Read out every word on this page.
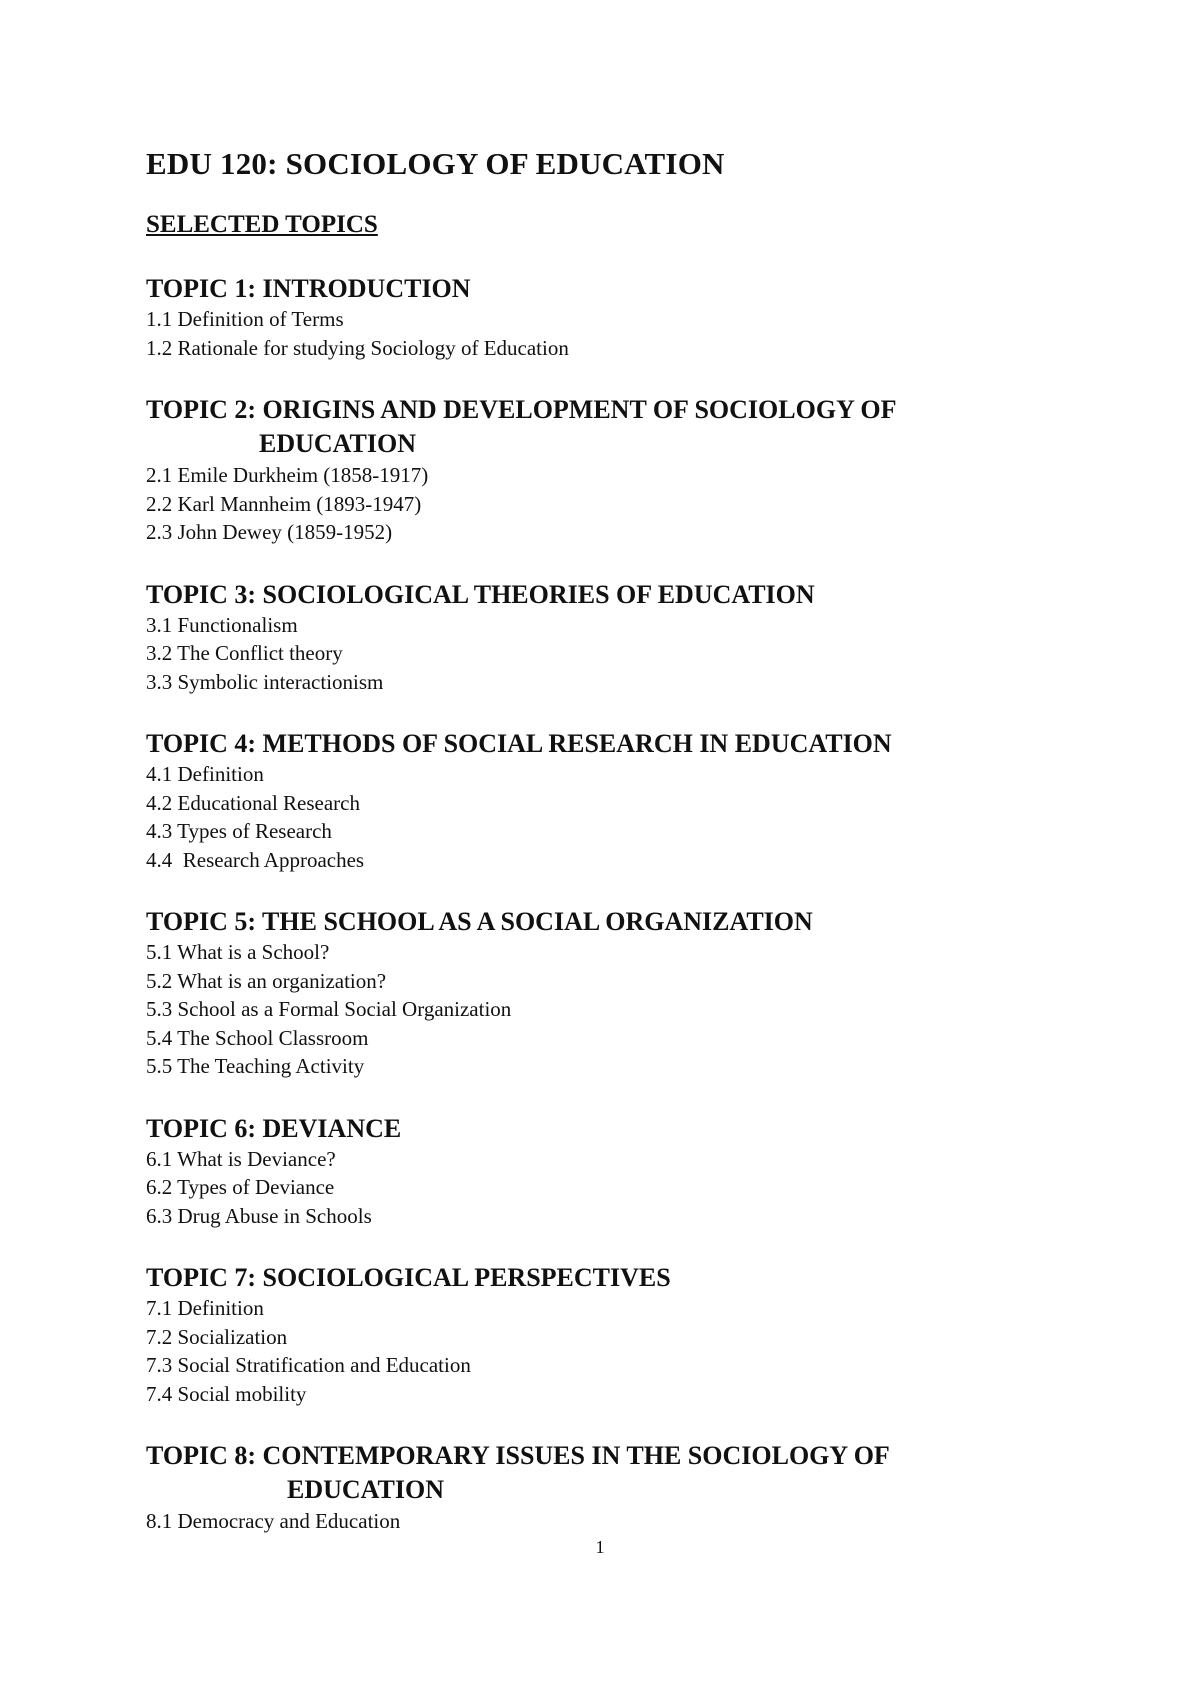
EDU 120: SOCIOLOGY OF EDUCATION
SELECTED TOPICS
TOPIC 1: INTRODUCTION
1.1 Definition of Terms
1.2 Rationale for studying Sociology of Education
TOPIC 2: ORIGINS AND DEVELOPMENT OF SOCIOLOGY OF
EDUCATION
2.1 Emile Durkheim (1858-1917)
2.2 Karl Mannheim (1893-1947)
2.3 John Dewey (1859-1952)
TOPIC 3: SOCIOLOGICAL THEORIES OF EDUCATION
3.1 Functionalism
3.2 The Conflict theory
3.3 Symbolic interactionism
TOPIC 4: METHODS OF SOCIAL RESEARCH IN EDUCATION
4.1 Definition
4.2 Educational Research
4.3 Types of Research
4.4  Research Approaches
TOPIC 5: THE SCHOOL AS A SOCIAL ORGANIZATION
5.1 What is a School?
5.2 What is an organization?
5.3 School as a Formal Social Organization
5.4 The School Classroom
5.5 The Teaching Activity
TOPIC 6: DEVIANCE
6.1 What is Deviance?
6.2 Types of Deviance
6.3 Drug Abuse in Schools
TOPIC 7: SOCIOLOGICAL PERSPECTIVES
7.1 Definition
7.2 Socialization
7.3 Social Stratification and Education
7.4 Social mobility
TOPIC 8: CONTEMPORARY ISSUES IN THE SOCIOLOGY OF
EDUCATION
8.1 Democracy and Education
1
